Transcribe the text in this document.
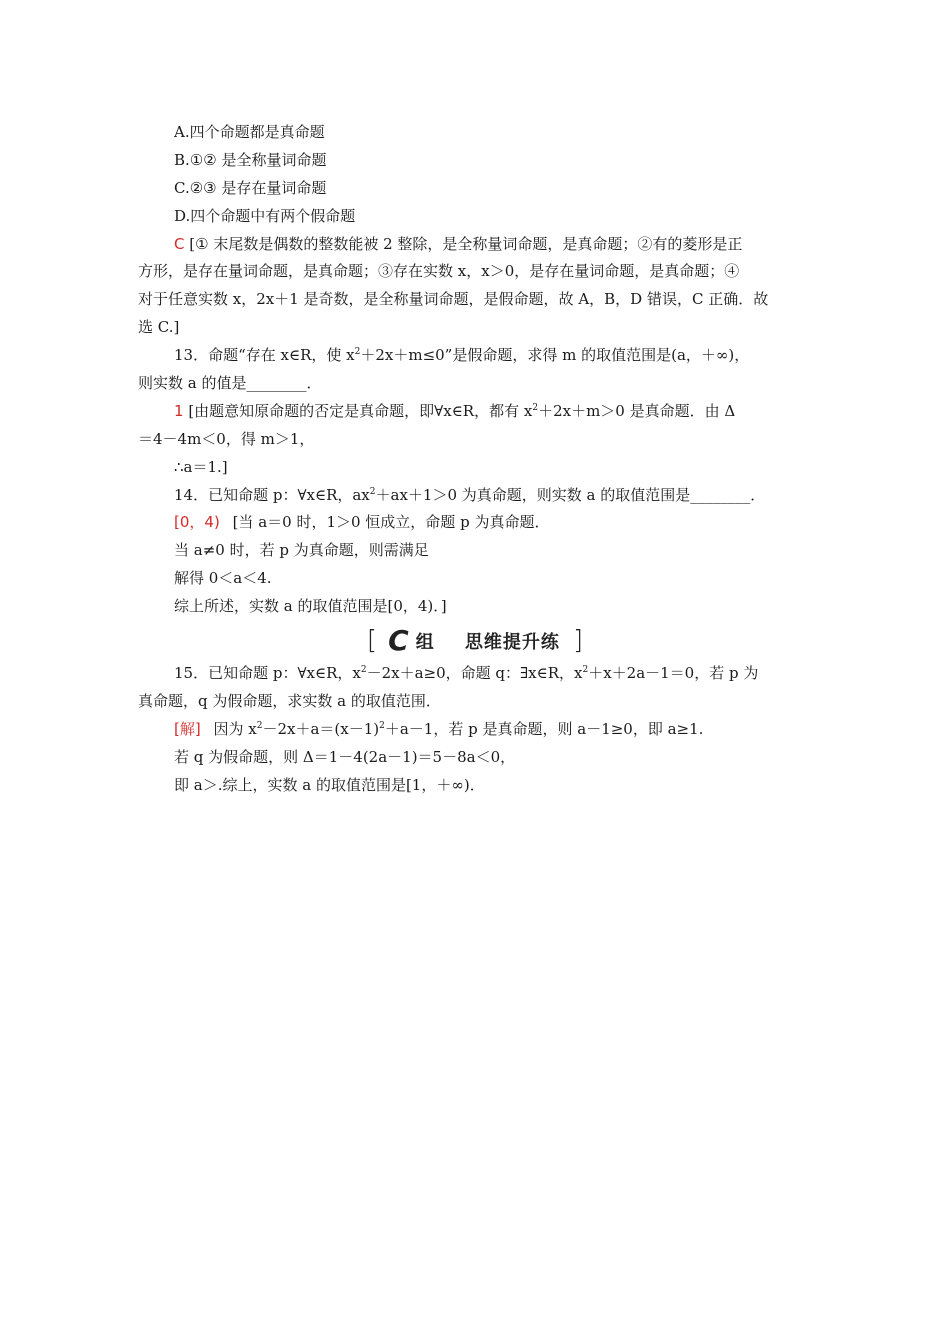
A.四个命题都是真命题
B.①② 是全称量词命题
C.②③ 是存在量词命题
D.四个命题中有两个假命题
C [① 末尾数是偶数的整数能被 2 整除，是全称量词命题，是真命题；②有的菱形是正
方形，是存在量词命题，是真命题；③存在实数 x，x＞0，是存在量词命题，是真命题；④
对于任意实数 x，2x＋1 是奇数，是全称量词命题，是假命题，故 A，B，D 错误，C 正确．故
选 C.]
13．命题“存在 x∈R，使 $x^2+2x+m\le 0$”是假命题，求得 m 的取值范围是(a，＋∞)，
则实数 a 的值是________．
1 [由题意知原命题的否定是真命题，即∀x∈R，都有 $x^2+2x+m>0$ 是真命题．由 Δ
＝4－4m＜0，得 m＞1，
∴a＝1.]
14．已知命题 p：∀x∈R，$ax^2+ax+1>0$ 为真命题，则实数 a 的取值范围是________．
[0，4) [当 a＝0 时，1＞0 恒成立，命题 p 为真命题．
当 a≠0 时，若 p 为真命题，则需满足
解得 0＜a＜4.
综上所述，实数 a 的取值范围是[0，4)．]
[ C 组 思维提升练 ]
15．已知命题 p：∀x∈R，$x^2-2x+a\ge 0$，命题 q：∃x∈R，$x^2+x+2a-1=0$，若 p 为
真命题，q 为假命题，求实数 a 的取值范围．
[解] 因为 $x^2-2x+a=(x-1)^2+a-1$，若 p 是真命题，则 a－1≥0，即 a≥1.
若 q 为假命题，则 Δ＝1－4(2a－1)＝5－8a＜0，
即 a＞.综上，实数 a 的取值范围是[1，＋∞)．
